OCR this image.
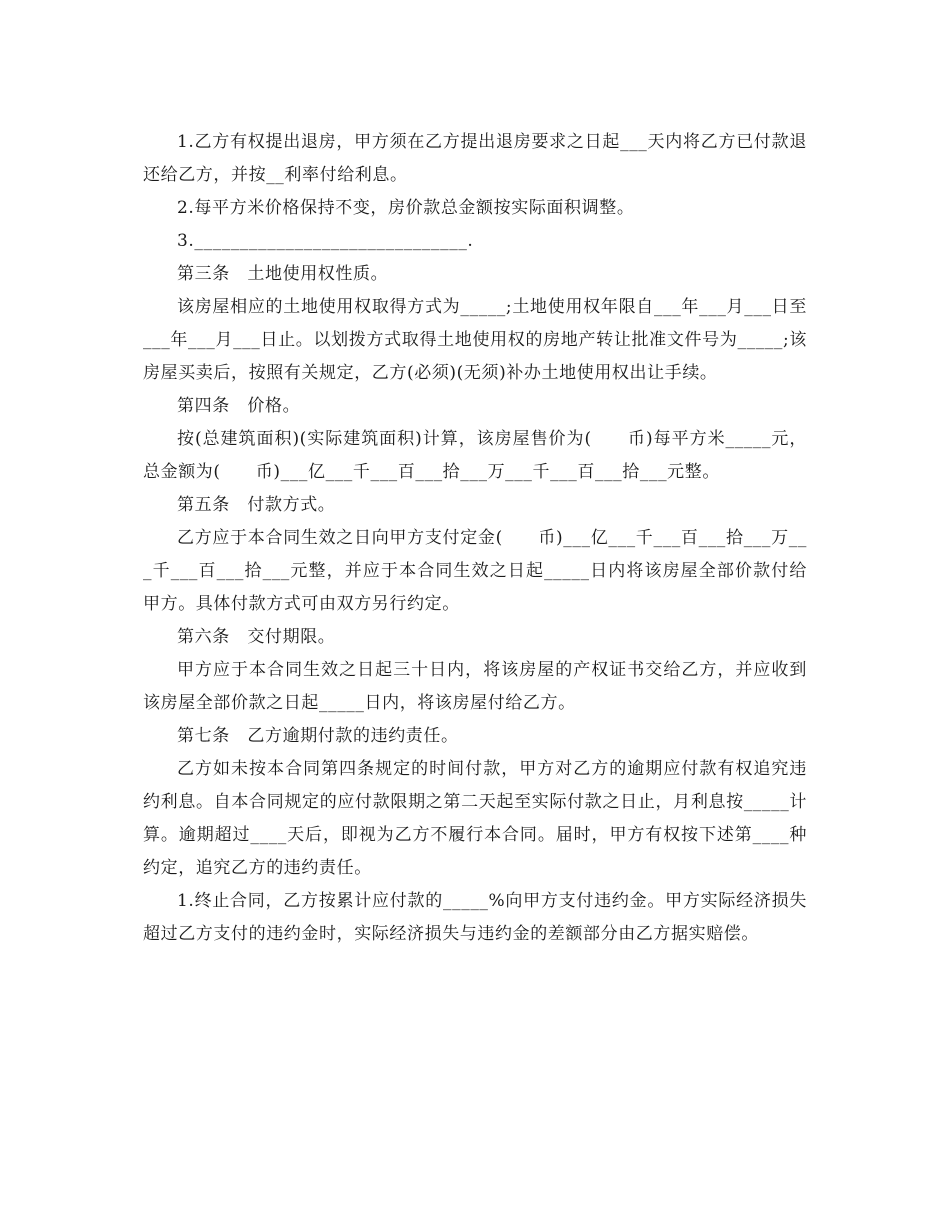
1.乙方有权提出退房，甲方须在乙方提出退房要求之日起___天内将乙方已付款退还给乙方，并按__利率付给利息。

2.每平方米价格保持不变，房价款总金额按实际面积调整。

3.______________________________.

第三条　土地使用权性质。

该房屋相应的土地使用权取得方式为_____;土地使用权年限自___年___月___日至___年___月___日止。以划拨方式取得土地使用权的房地产转让批准文件号为_____;该房屋买卖后，按照有关规定，乙方(必须)(无须)补办土地使用权出让手续。

第四条　价格。

按(总建筑面积)(实际建筑面积)计算，该房屋售价为(　　币)每平方米_____元，总金额为(　　币)___亿___千___百___拾___万___千___百___拾___元整。

第五条　付款方式。

乙方应于本合同生效之日向甲方支付定金(　　币)___亿___千___百___拾___万___千___百___拾___元整，并应于本合同生效之日起_____日内将该房屋全部价款付给甲方。具体付款方式可由双方另行约定。

第六条　交付期限。

甲方应于本合同生效之日起三十日内，将该房屋的产权证书交给乙方，并应收到该房屋全部价款之日起_____日内，将该房屋付给乙方。

第七条　乙方逾期付款的违约责任。

乙方如未按本合同第四条规定的时间付款，甲方对乙方的逾期应付款有权追究违约利息。自本合同规定的应付款限期之第二天起至实际付款之日止，月利息按_____计算。逾期超过____天后，即视为乙方不履行本合同。届时，甲方有权按下述第____种约定，追究乙方的违约责任。

1.终止合同，乙方按累计应付款的_____%向甲方支付违约金。甲方实际经济损失超过乙方支付的违约金时，实际经济损失与违约金的差额部分由乙方据实赔偿。
